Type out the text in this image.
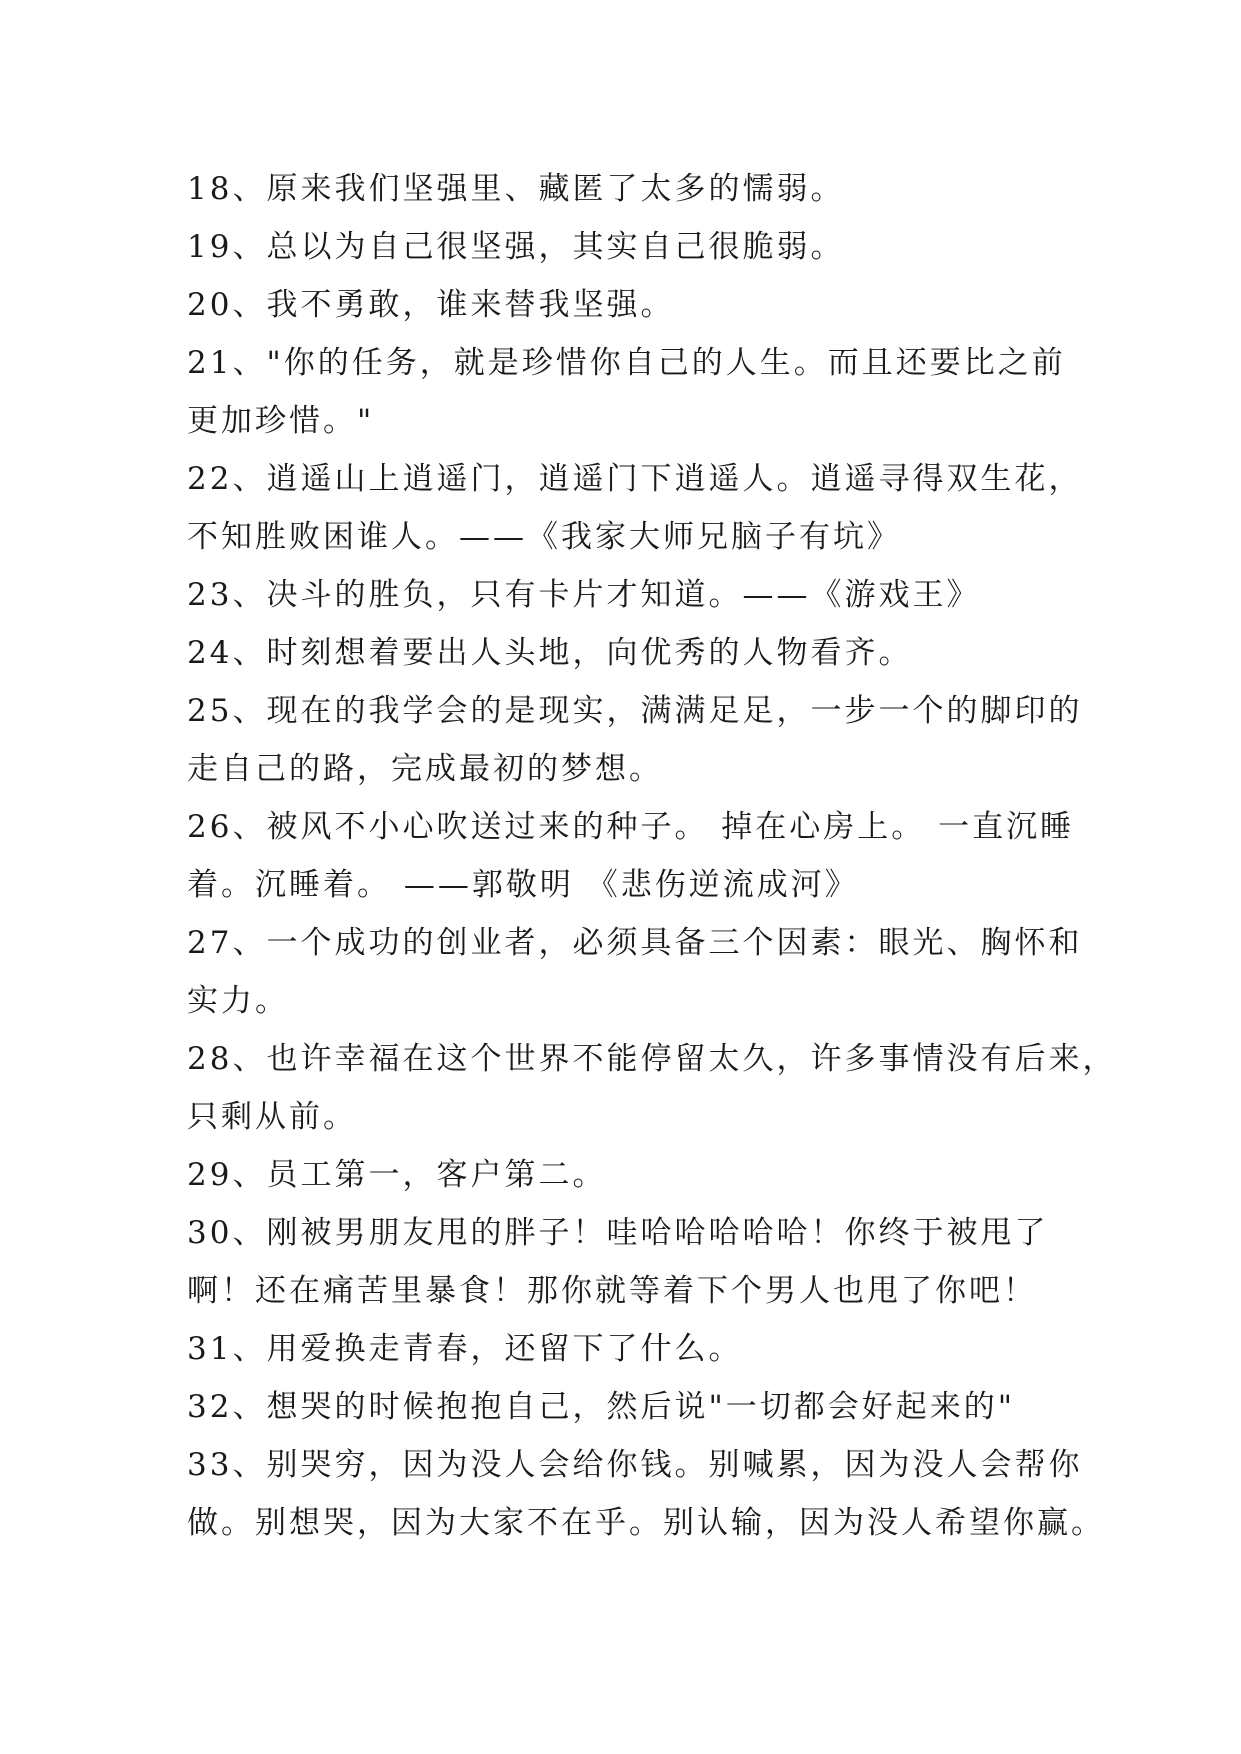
18、原来我们坚强里、藏匿了太多的懦弱。
19、总以为自己很坚强，其实自己很脆弱。
20、我不勇敢，谁来替我坚强。
21、"你的任务，就是珍惜你自己的人生。而且还要比之前
更加珍惜。"
22、逍遥山上逍遥门，逍遥门下逍遥人。逍遥寻得双生花，
不知胜败困谁人。——《我家大师兄脑子有坑》
23、决斗的胜负，只有卡片才知道。——《游戏王》
24、时刻想着要出人头地，向优秀的人物看齐。
25、现在的我学会的是现实，满满足足，一步一个的脚印的
走自己的路，完成最初的梦想。
26、被风不小心吹送过来的种子。 掉在心房上。 一直沉睡
着。沉睡着。 ——郭敬明 《悲伤逆流成河》
27、一个成功的创业者，必须具备三个因素：眼光、胸怀和
实力。
28、也许幸福在这个世界不能停留太久，许多事情没有后来，
只剩从前。
29、员工第一，客户第二。
30、刚被男朋友甩的胖子！哇哈哈哈哈哈！你终于被甩了
啊！还在痛苦里暴食！那你就等着下个男人也甩了你吧！
31、用爱换走青春，还留下了什么。
32、想哭的时候抱抱自己，然后说"一切都会好起来的"
33、别哭穷，因为没人会给你钱。别喊累，因为没人会帮你
做。别想哭，因为大家不在乎。别认输，因为没人希望你赢。
